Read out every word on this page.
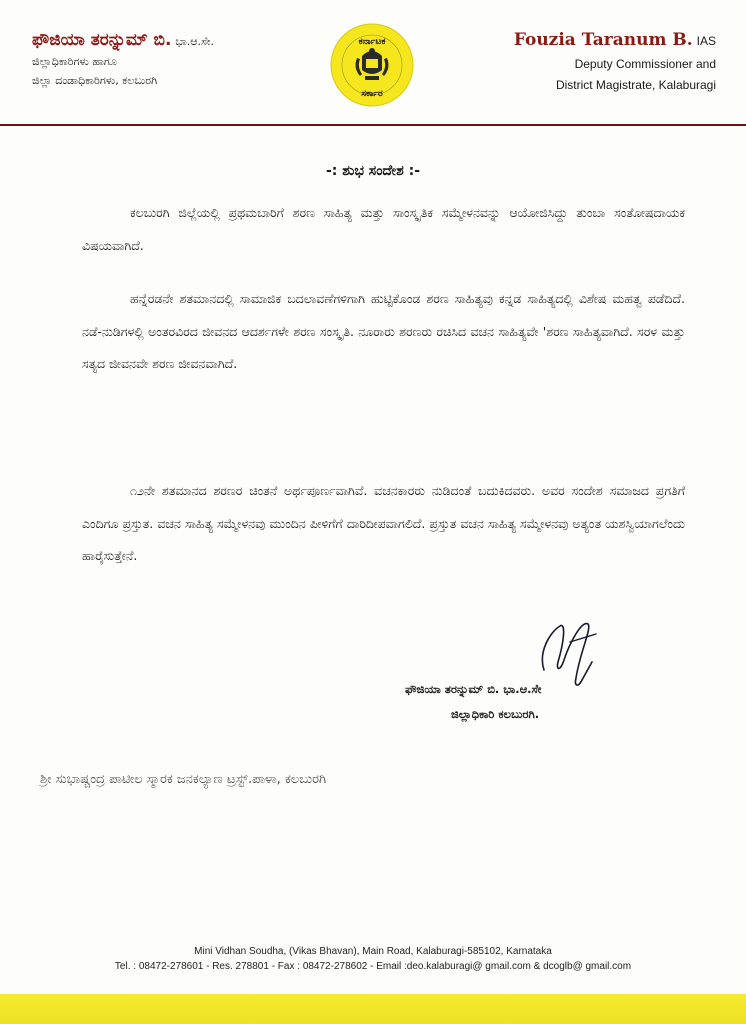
ಫೌಜಿಯಾ ತರನ್ನುಮ್ ಬಿ. ಭಾ.ಆ.ಸೇ.
ಜಿಲ್ಲಾಧಿಕಾರಿಗಳು ಹಾಗೂ
ಜಿಲ್ಲಾ ದಂಡಾಧಿಕಾರಿಗಳು, ಕಲಬುರಗಿ
ಕರ್ನಾಟಕ
ಸರ್ಕಾರ
Fouzia Taranum B. IAS
Deputy Commissioner and
District Magistrate, Kalaburagi
-: ಶುಭ ಸಂದೇಶ :-

ಕಲಬುರಗಿ ಜಿಲ್ಲೆಯಲ್ಲಿ ಪ್ರಥಮಬಾರಿಗೆ ಶರಣ ಸಾಹಿತ್ಯ ಮತ್ತು ಸಾಂಸ್ಕೃತಿಕ ಸಮ್ಮೇಳನವನ್ನು ಆಯೋಜಿಸಿದ್ದು ತುಂಬಾ ಸಂತೋಷದಾಯಕ ವಿಷಯವಾಗಿದೆ.

ಹನ್ನೆರಡನೇ ಶತಮಾನದಲ್ಲಿ ಸಾಮಾಜಿಕ ಬದಲಾವಣೆಗಳಿಗಾಗಿ ಹುಟ್ಟಿಕೊಂಡ ಶರಣ ಸಾಹಿತ್ಯವು ಕನ್ನಡ ಸಾಹಿತ್ಯದಲ್ಲಿ ವಿಶೇಷ ಮಹತ್ವ ಪಡೆದಿದೆ. ನಡೆ-ನುಡಿಗಳಲ್ಲಿ ಅಂತರವಿರದ ಜೀವನದ ಆದರ್ಶಗಳೇ ಶರಣ ಸಂಸ್ಕೃತಿ. ನೂರಾರು ಶರಣರು ರಚಿಸಿದ ವಚನ ಸಾಹಿತ್ಯವೇ 'ಶರಣ ಸಾಹಿತ್ಯವಾಗಿದೆ. ಸರಳ ಮತ್ತು ಸತ್ಯದ ಜೀವನವೇ ಶರಣ ಜೀವನವಾಗಿದೆ.

೧೨ನೇ ಶತಮಾನದ ಶರಣರ ಚಿಂತನೆ ಅರ್ಥಪೂರ್ಣವಾಗಿವೆ. ವಚನಕಾರರು ನುಡಿದಂತೆ ಬದುಕಿದವರು. ಅವರ ಸಂದೇಶ ಸಮಾಜದ ಪ್ರಗತಿಗೆ ಎಂದಿಗೂ ಪ್ರಸ್ತುತ. ವಚನ ಸಾಹಿತ್ಯ ಸಮ್ಮೇಳನವು ಮುಂದಿನ ಪೀಳಿಗೆಗೆ ದಾರಿದೀಪವಾಗಲಿದೆ. ಪ್ರಸ್ತುತ ವಚನ ಸಾಹಿತ್ಯ ಸಮ್ಮೇಳನವು ಅತ್ಯಂತ ಯಶಸ್ವಿಯಾಗಲೆಂದು ಹಾರೈಸುತ್ತೇನೆ.

ಫೌಜಿಯಾ ತರನ್ನುಮ್ ಬಿ. ಭಾ.ಆ.ಸೇ
ಜಿಲ್ಲಾಧಿಕಾರಿ ಕಲಬುರಗಿ.
ಶ್ರೀ ಸುಭಾಷ್ಚಂದ್ರ ಪಾಟೀಲ ಸ್ಮಾರಕ ಜನಕಲ್ಯಾಣ ಟ್ರಸ್ಟ್.ಪಾಳಾ, ಕಲಬುರಗಿ
Mini Vidhan Soudha, (Vikas Bhavan), Main Road, Kalaburagi-585102, Karnataka
Tel. : 08472-278601 - Res. 278801 - Fax : 08472-278602 - Email :deo.kalaburagi@ gmail.com & dcoglb@ gmail.com
